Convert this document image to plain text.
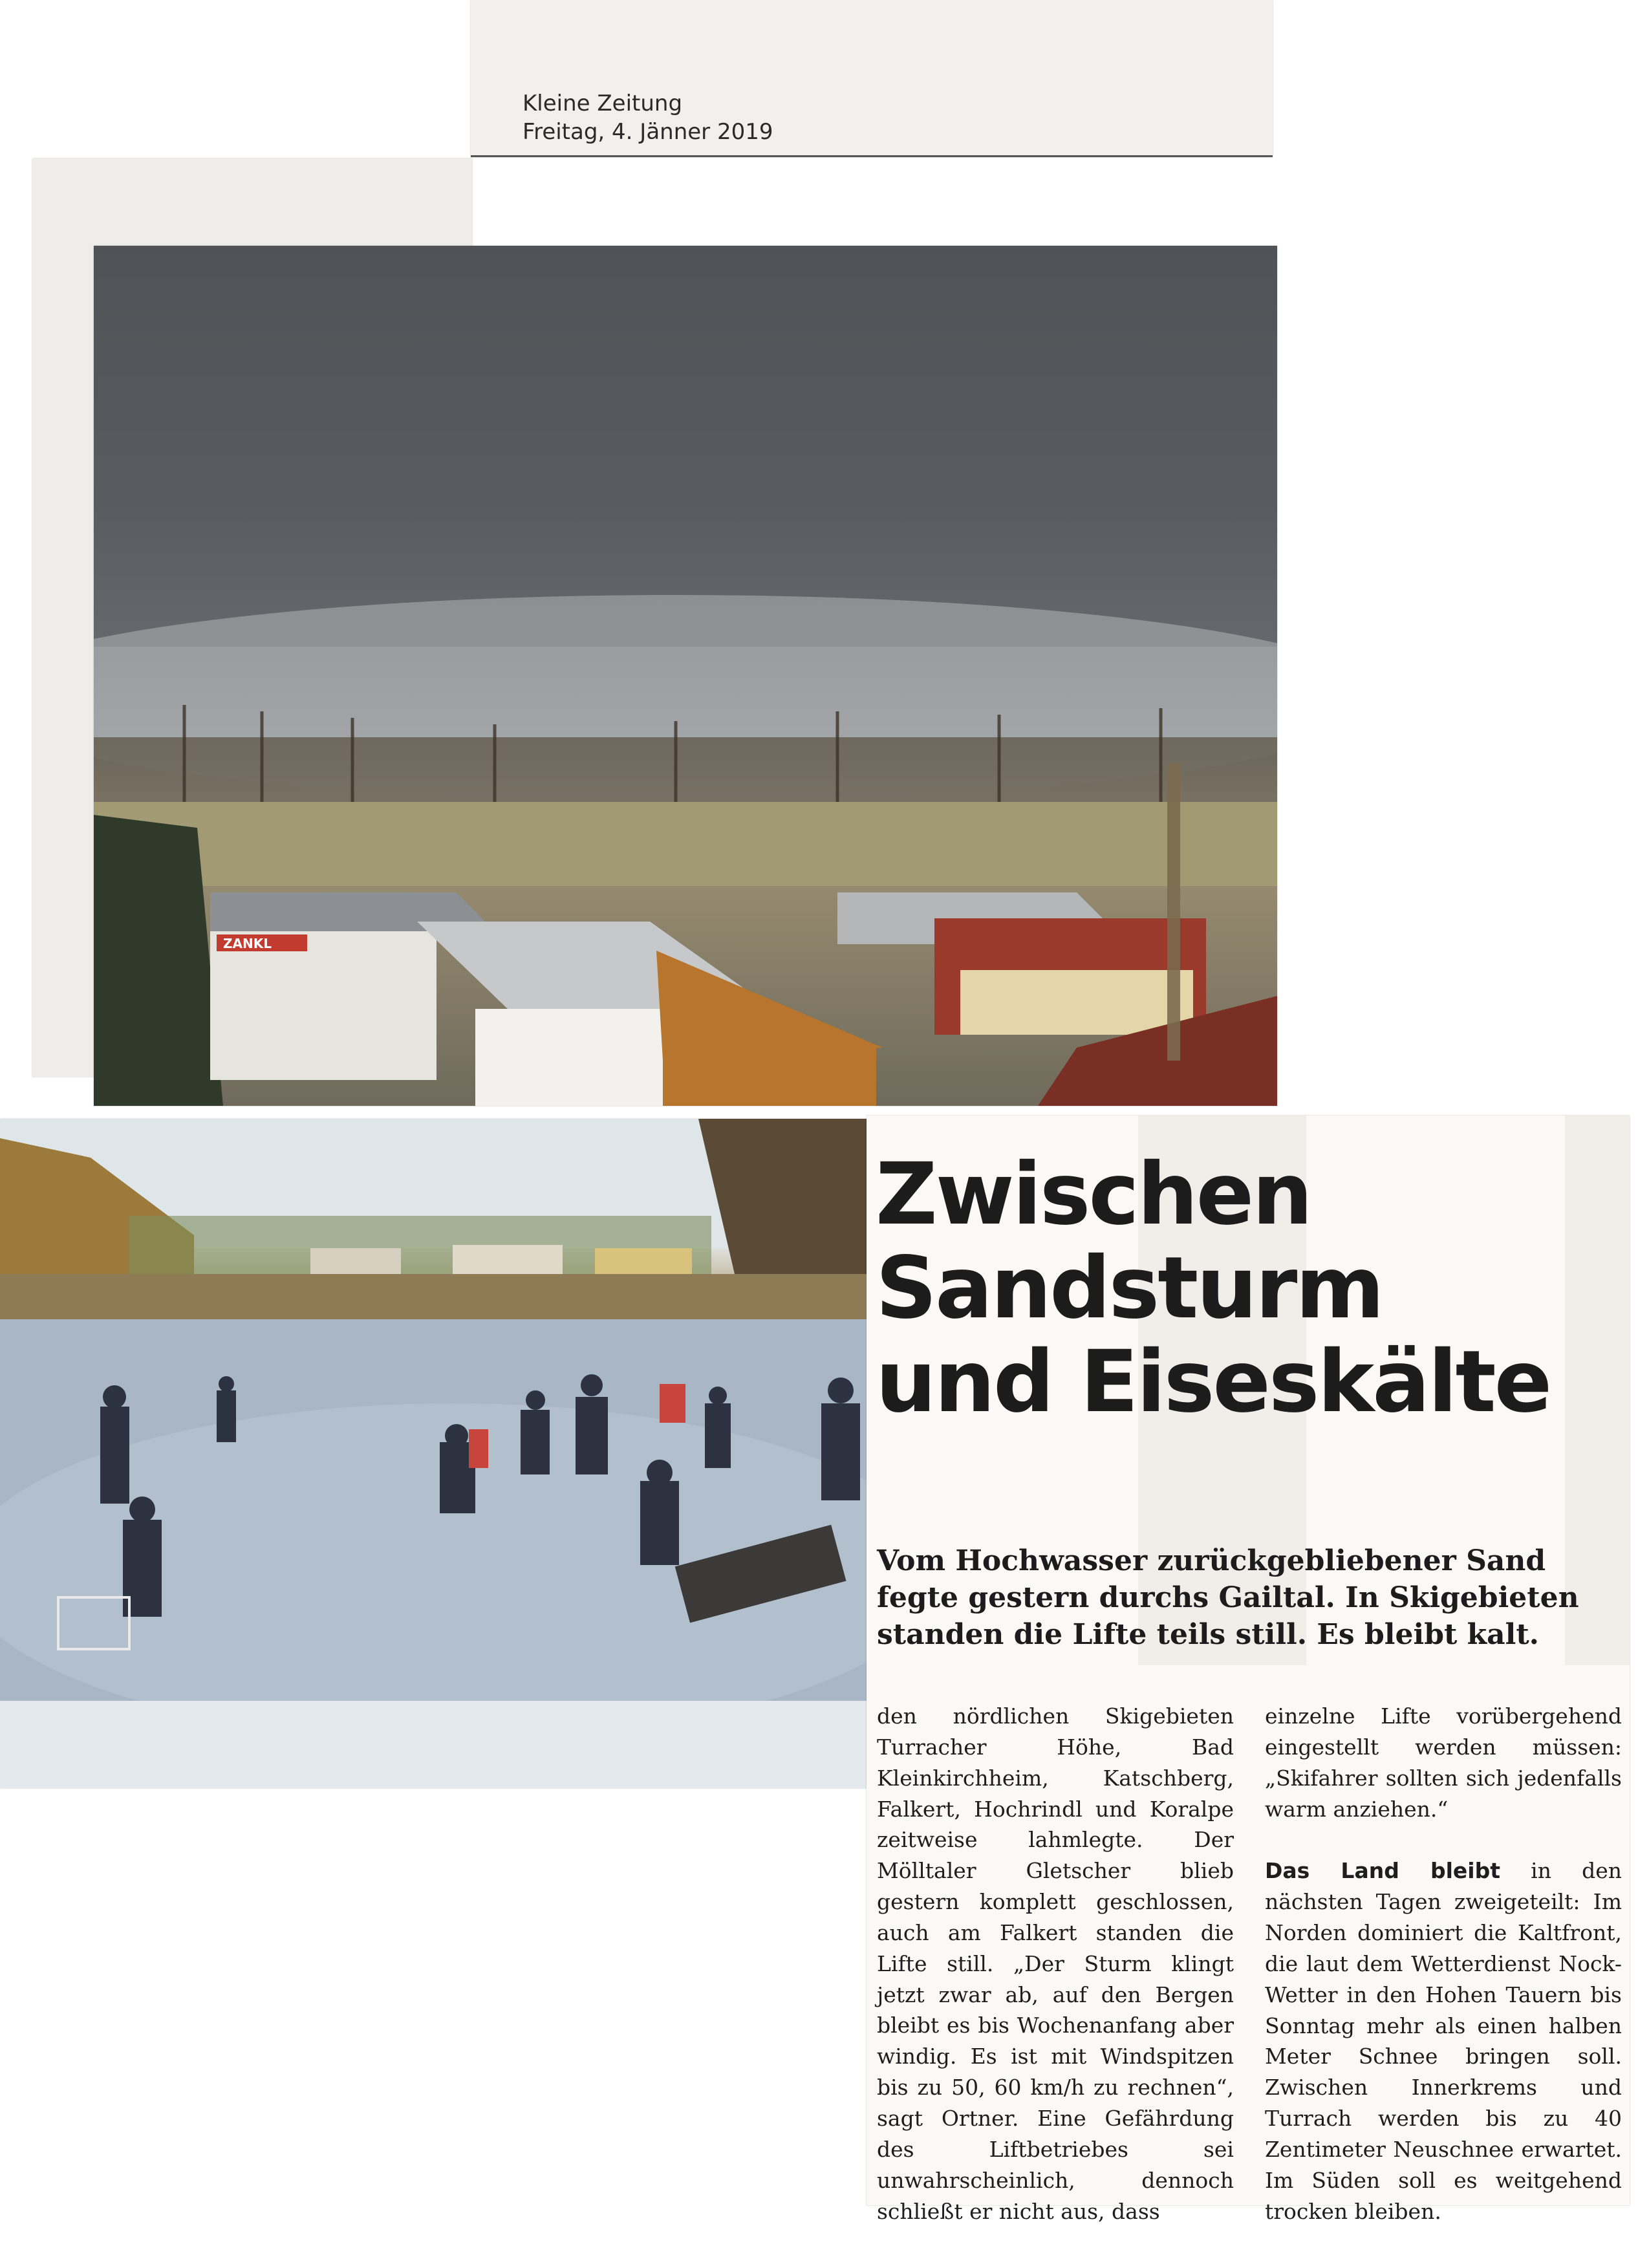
Kleine Zeitung
Freitag, 4. Jänner 2019
ZANKL
Zwischen
Sandsturm
und Eiseskälte

Vom Hochwasser zurückgebliebener Sand fegte gestern durchs Gailtal. In Skigebieten standen die Lifte teils still. Es bleibt kalt.

den nördlichen Skigebieten Turracher Höhe, Bad Kleinkirchheim, Katschberg, Falkert, Hochrindl und Koralpe zeitweise lahmlegte. Der Mölltaler Gletscher blieb gestern komplett geschlossen, auch am Falkert standen die Lifte still. „Der Sturm klingt jetzt zwar ab, auf den Bergen bleibt es bis Wochenanfang aber windig. Es ist mit Windspitzen bis zu 50, 60 km/h zu rechnen“, sagt Ortner. Eine Gefährdung des Liftbetriebes sei unwahrscheinlich, dennoch schließt er nicht aus, dass

einzelne Lifte vorübergehend eingestellt werden müssen: „Skifahrer sollten sich jedenfalls warm anziehen.“

Das Land bleibt in den nächsten Tagen zweigeteilt: Im Norden dominiert die Kaltfront, die laut dem Wetterdienst Nock-Wetter in den Hohen Tauern bis Sonntag mehr als einen halben Meter Schnee bringen soll. Zwischen Innerkrems und Turrach werden bis zu 40 Zentimeter Neuschnee erwartet. Im Süden soll es weitgehend trocken bleiben.
